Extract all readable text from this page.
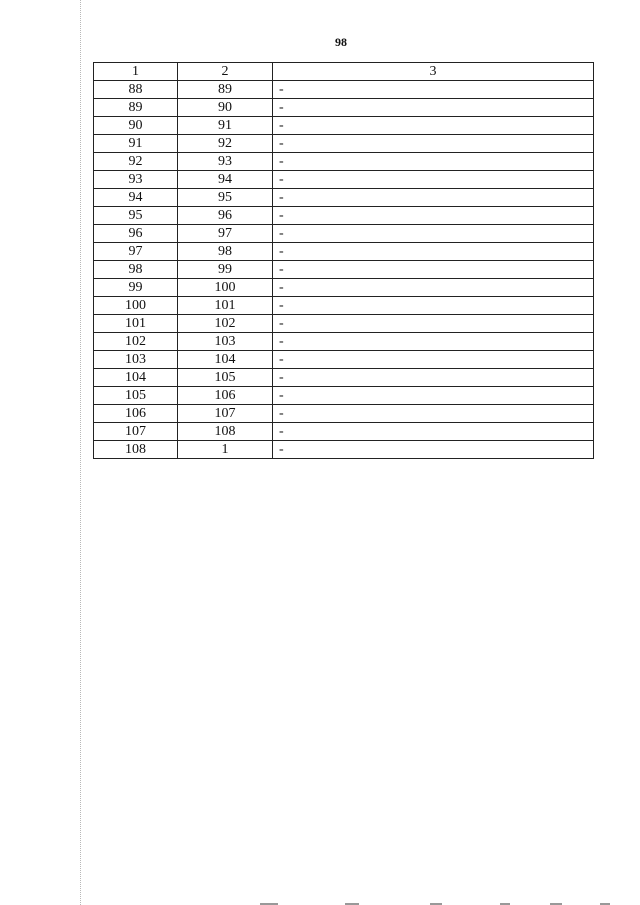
98
1	2	3
88	89	-
89	90	-
90	91	-
91	92	-
92	93	-
93	94	-
94	95	-
95	96	-
96	97	-
97	98	-
98	99	-
99	100	-
100	101	-
101	102	-
102	103	-
103	104	-
104	105	-
105	106	-
106	107	-
107	108	-
108	1	-
